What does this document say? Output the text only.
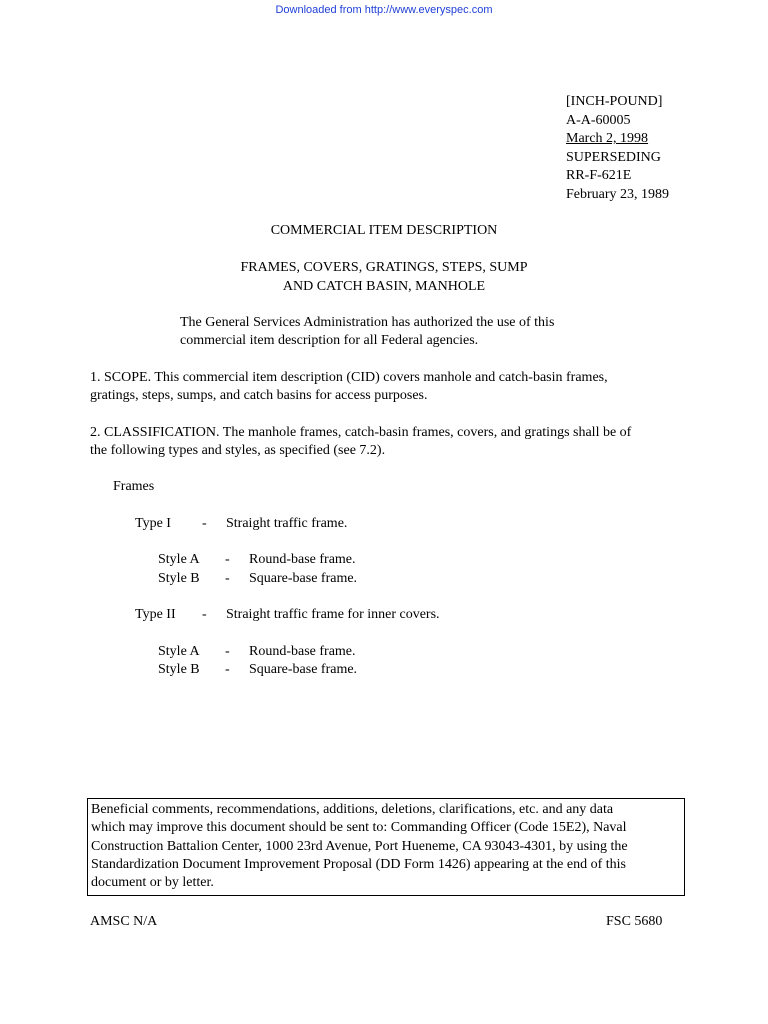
Downloaded from http://www.everyspec.com
[INCH-POUND]
A-A-60005
March 2, 1998
SUPERSEDING
RR-F-621E
February 23, 1989
COMMERCIAL ITEM DESCRIPTION
FRAMES, COVERS, GRATINGS, STEPS, SUMP
AND CATCH BASIN, MANHOLE
The General Services Administration has authorized the use of this
commercial item description for all Federal agencies.
1. SCOPE. This commercial item description (CID) covers manhole and catch-basin frames,
gratings, steps, sumps, and catch basins for access purposes.
2. CLASSIFICATION. The manhole frames, catch-basin frames, covers, and gratings shall be of
the following types and styles, as specified (see 7.2).
Frames
Type I - Straight traffic frame.
Style A - Round-base frame.
Style B - Square-base frame.
Type II - Straight traffic frame for inner covers.
Style A - Round-base frame.
Style B - Square-base frame.
Beneficial comments, recommendations, additions, deletions, clarifications, etc. and any data
which may improve this document should be sent to: Commanding Officer (Code 15E2), Naval
Construction Battalion Center, 1000 23rd Avenue, Port Hueneme, CA 93043-4301, by using the
Standardization Document Improvement Proposal (DD Form 1426) appearing at the end of this
document or by letter.
AMSC N/A	FSC 5680
